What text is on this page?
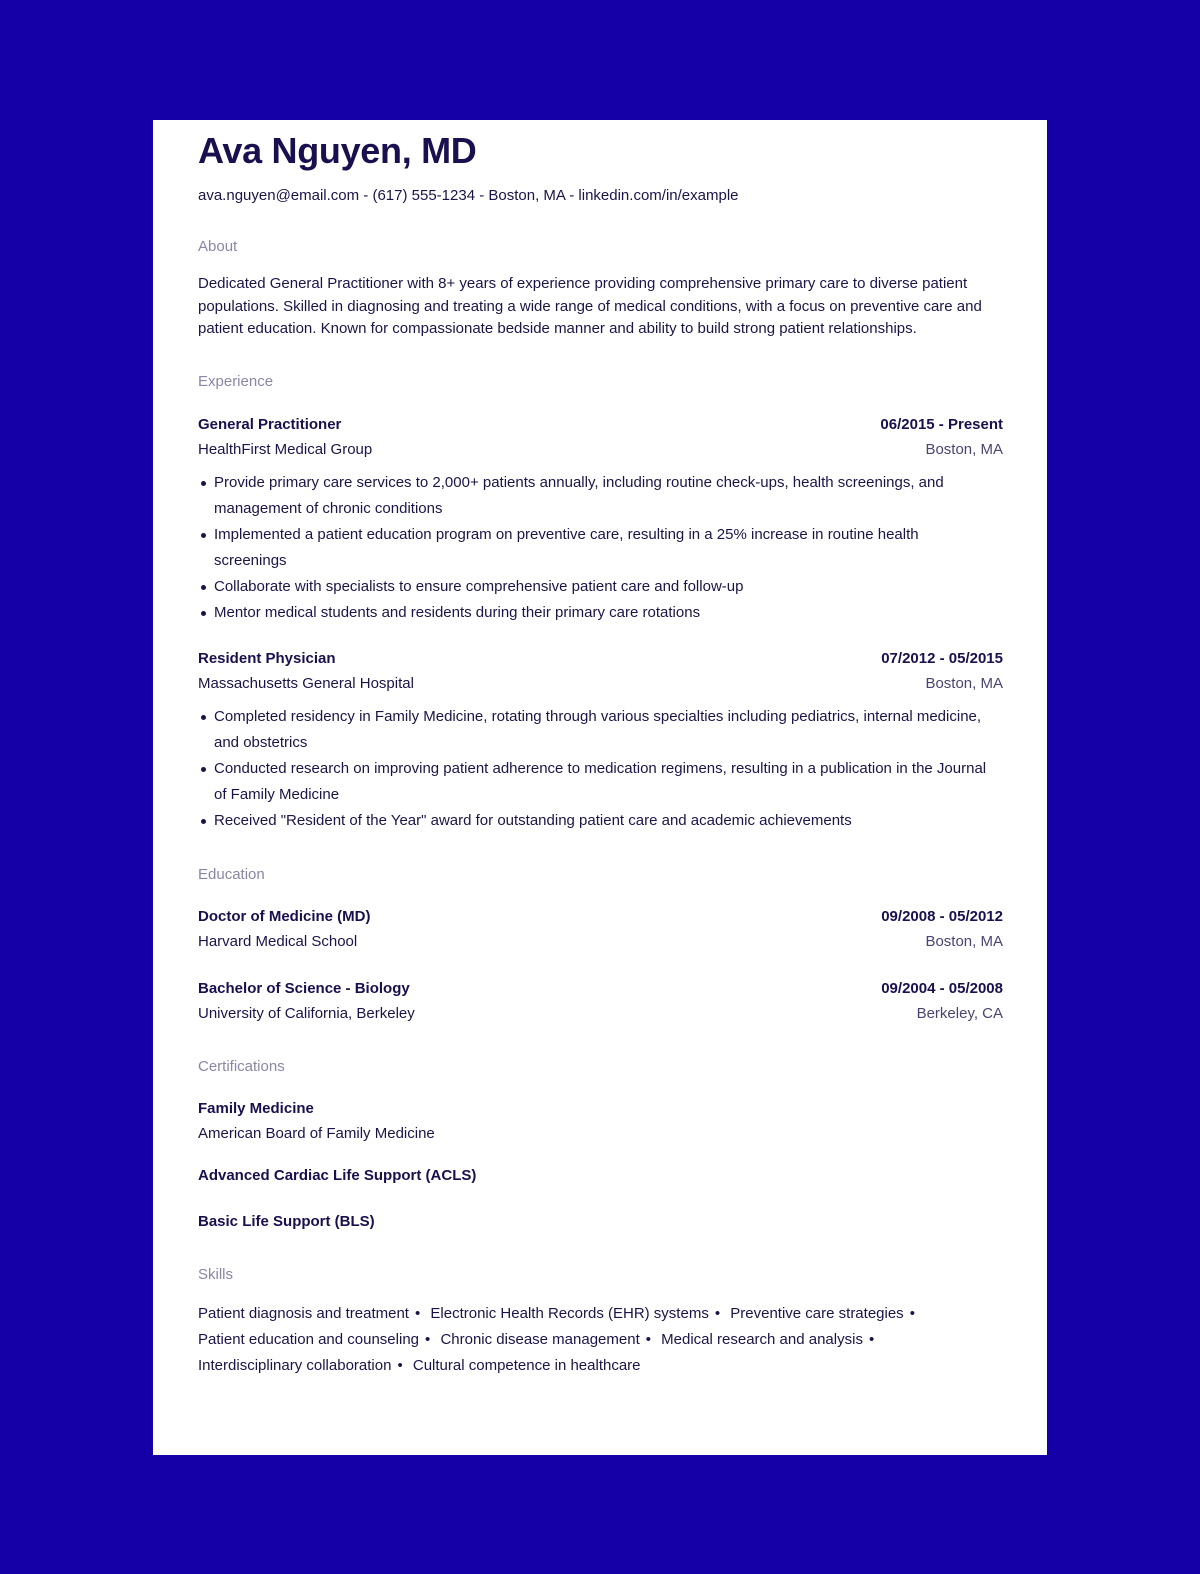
Ava Nguyen, MD
ava.nguyen@email.com - (617) 555-1234 - Boston, MA - linkedin.com/in/example
About
Dedicated General Practitioner with 8+ years of experience providing comprehensive primary care to diverse patient populations. Skilled in diagnosing and treating a wide range of medical conditions, with a focus on preventive care and patient education. Known for compassionate bedside manner and ability to build strong patient relationships.
Experience
General Practitioner	06/2015 - Present
HealthFirst Medical Group	Boston, MA
Provide primary care services to 2,000+ patients annually, including routine check-ups, health screenings, and management of chronic conditions
Implemented a patient education program on preventive care, resulting in a 25% increase in routine health screenings
Collaborate with specialists to ensure comprehensive patient care and follow-up
Mentor medical students and residents during their primary care rotations
Resident Physician	07/2012 - 05/2015
Massachusetts General Hospital	Boston, MA
Completed residency in Family Medicine, rotating through various specialties including pediatrics, internal medicine, and obstetrics
Conducted research on improving patient adherence to medication regimens, resulting in a publication in the Journal of Family Medicine
Received "Resident of the Year" award for outstanding patient care and academic achievements
Education
Doctor of Medicine (MD)	09/2008 - 05/2012
Harvard Medical School	Boston, MA
Bachelor of Science - Biology	09/2004 - 05/2008
University of California, Berkeley	Berkeley, CA
Certifications
Family Medicine
American Board of Family Medicine
Advanced Cardiac Life Support (ACLS)
Basic Life Support (BLS)
Skills
Patient diagnosis and treatment • Electronic Health Records (EHR) systems • Preventive care strategies • Patient education and counseling • Chronic disease management • Medical research and analysis • Interdisciplinary collaboration • Cultural competence in healthcare
